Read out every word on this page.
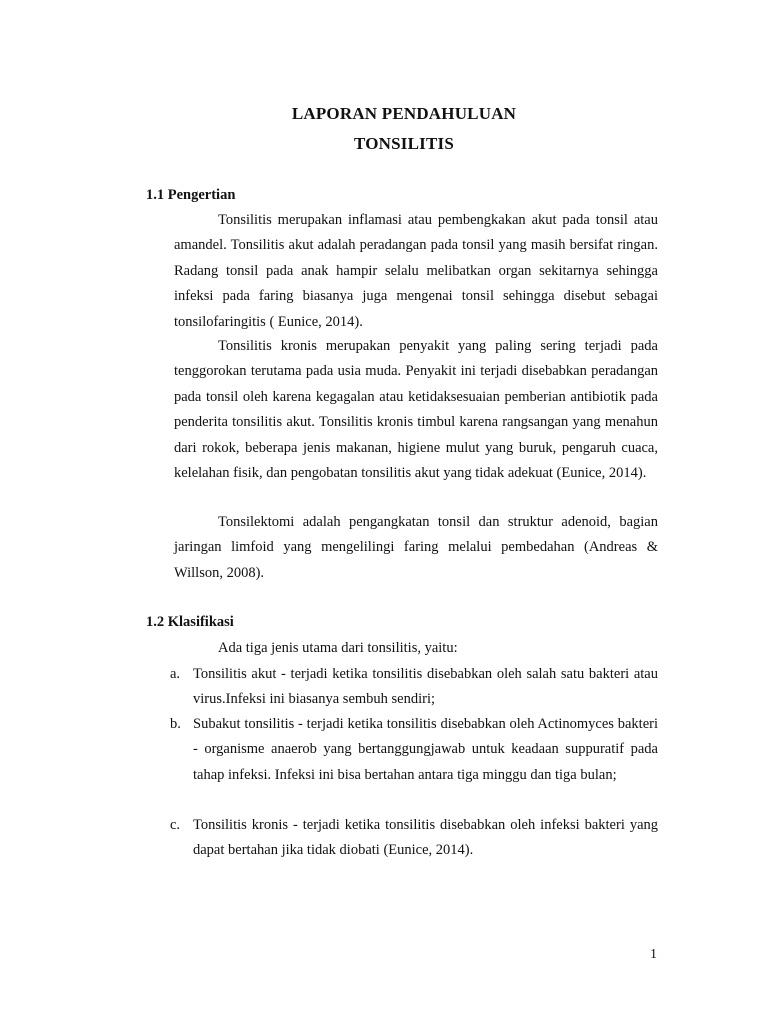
LAPORAN PENDAHULUAN
TONSILITIS
1.1 Pengertian

Tonsilitis merupakan inflamasi atau pembengkakan akut pada tonsil atau amandel. Tonsilitis akut adalah peradangan pada tonsil yang masih bersifat ringan. Radang tonsil pada anak hampir selalu melibatkan organ sekitarnya sehingga infeksi pada faring biasanya juga mengenai tonsil sehingga disebut sebagai tonsilofaringitis ( Eunice, 2014).

Tonsilitis kronis merupakan penyakit yang paling sering terjadi pada tenggorokan terutama pada usia muda. Penyakit ini terjadi disebabkan peradangan pada tonsil oleh karena kegagalan atau ketidaksesuaian pemberian antibiotik pada penderita tonsilitis akut. Tonsilitis kronis timbul karena rangsangan yang menahun dari rokok, beberapa jenis makanan, higiene mulut yang buruk, pengaruh cuaca, kelelahan fisik, dan pengobatan tonsilitis akut yang tidak adekuat (Eunice, 2014).

Tonsilektomi adalah pengangkatan tonsil dan struktur adenoid, bagian jaringan limfoid yang mengelilingi faring melalui pembedahan (Andreas & Willson, 2008).

1.2 Klasifikasi
Ada tiga jenis utama dari tonsilitis, yaitu:
a. Tonsilitis akut - terjadi ketika tonsilitis disebabkan oleh salah satu bakteri atau virus.Infeksi ini biasanya sembuh sendiri;
b. Subakut tonsilitis - terjadi ketika tonsilitis disebabkan oleh Actinomyces bakteri - organisme anaerob yang bertanggungjawab untuk keadaan suppuratif pada tahap infeksi. Infeksi ini bisa bertahan antara tiga minggu dan tiga bulan;
c. Tonsilitis kronis - terjadi ketika tonsilitis disebabkan oleh infeksi bakteri yang dapat bertahan jika tidak diobati (Eunice, 2014).
1
